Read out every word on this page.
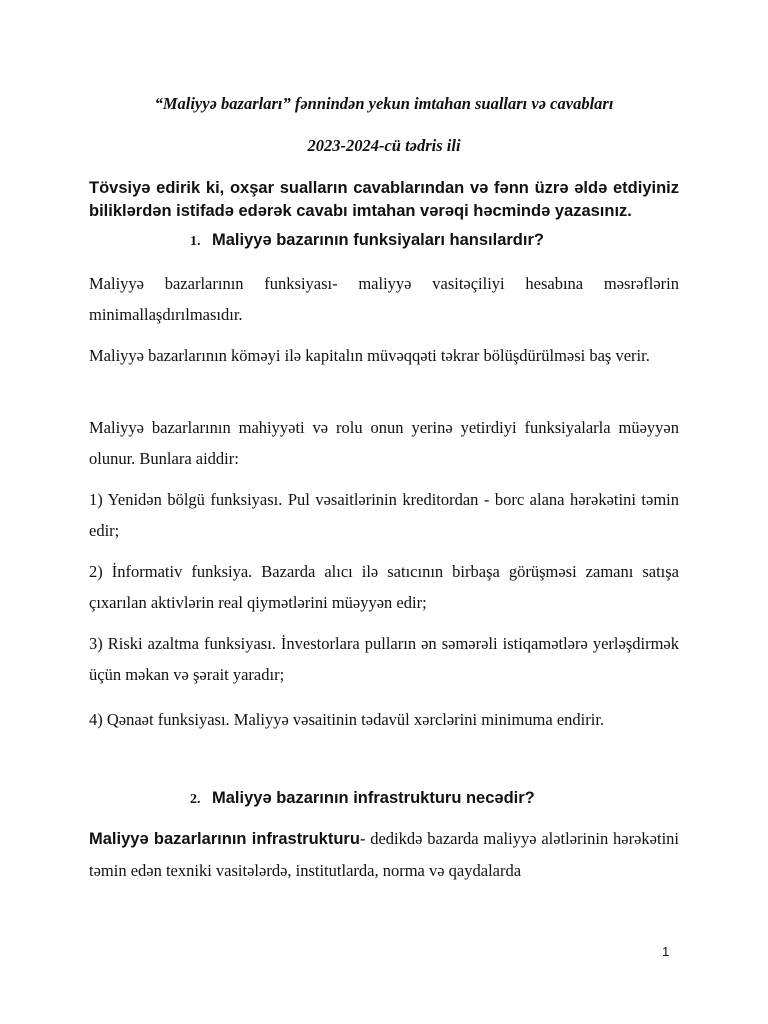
“Maliyyə bazarları” fənnindən yekun imtahan sualları və cavabları

2023-2024-cü tədris ili

Tövsiyə edirik ki, oxşar sualların cavablarından və fənn üzrə əldə etdiyiniz biliklərdən istifadə edərək cavabı imtahan vərəqi həcmində yazasınız.

1. Maliyyə bazarının funksiyaları hansılardır?

Maliyyə bazarlarının funksiyası- maliyyə vasitəçiliyi hesabına məsrəflərin minimallaşdırılmasıdır.

Maliyyə bazarlarının köməyi ilə kapitalın müvəqqəti təkrar bölüşdürülməsi baş verir.

Maliyyə bazarlarının mahiyyəti və rolu onun yerinə yetirdiyi funksiyalarla müəyyən olunur. Bunlara aiddir:

1) Yenidən bölgü funksiyası. Pul vəsaitlərinin kreditordan - borc alana hərəkətini təmin edir;

2) İnformativ funksiya. Bazarda alıcı ilə satıcının birbaşa görüşməsi zamanı satışa çıxarılan aktivlərin real qiymətlərini müəyyən edir;

3) Riski azaltma funksiyası. İnvestorlara pulların ən səmərəli istiqamətlərə yerləşdirmək üçün məkan və şərait yaradır;

4) Qənaət funksiyası. Maliyyə vəsaitinin tədavül xərclərini minimuma endirir.

2. Maliyyə bazarının infrastrukturu necədir?

Maliyyə bazarlarının infrastrukturu- dedikdə bazarda maliyyə alətlərinin hərəkətini təmin edən texniki vasitələrdə, institutlarda, norma və qaydalarda

1
